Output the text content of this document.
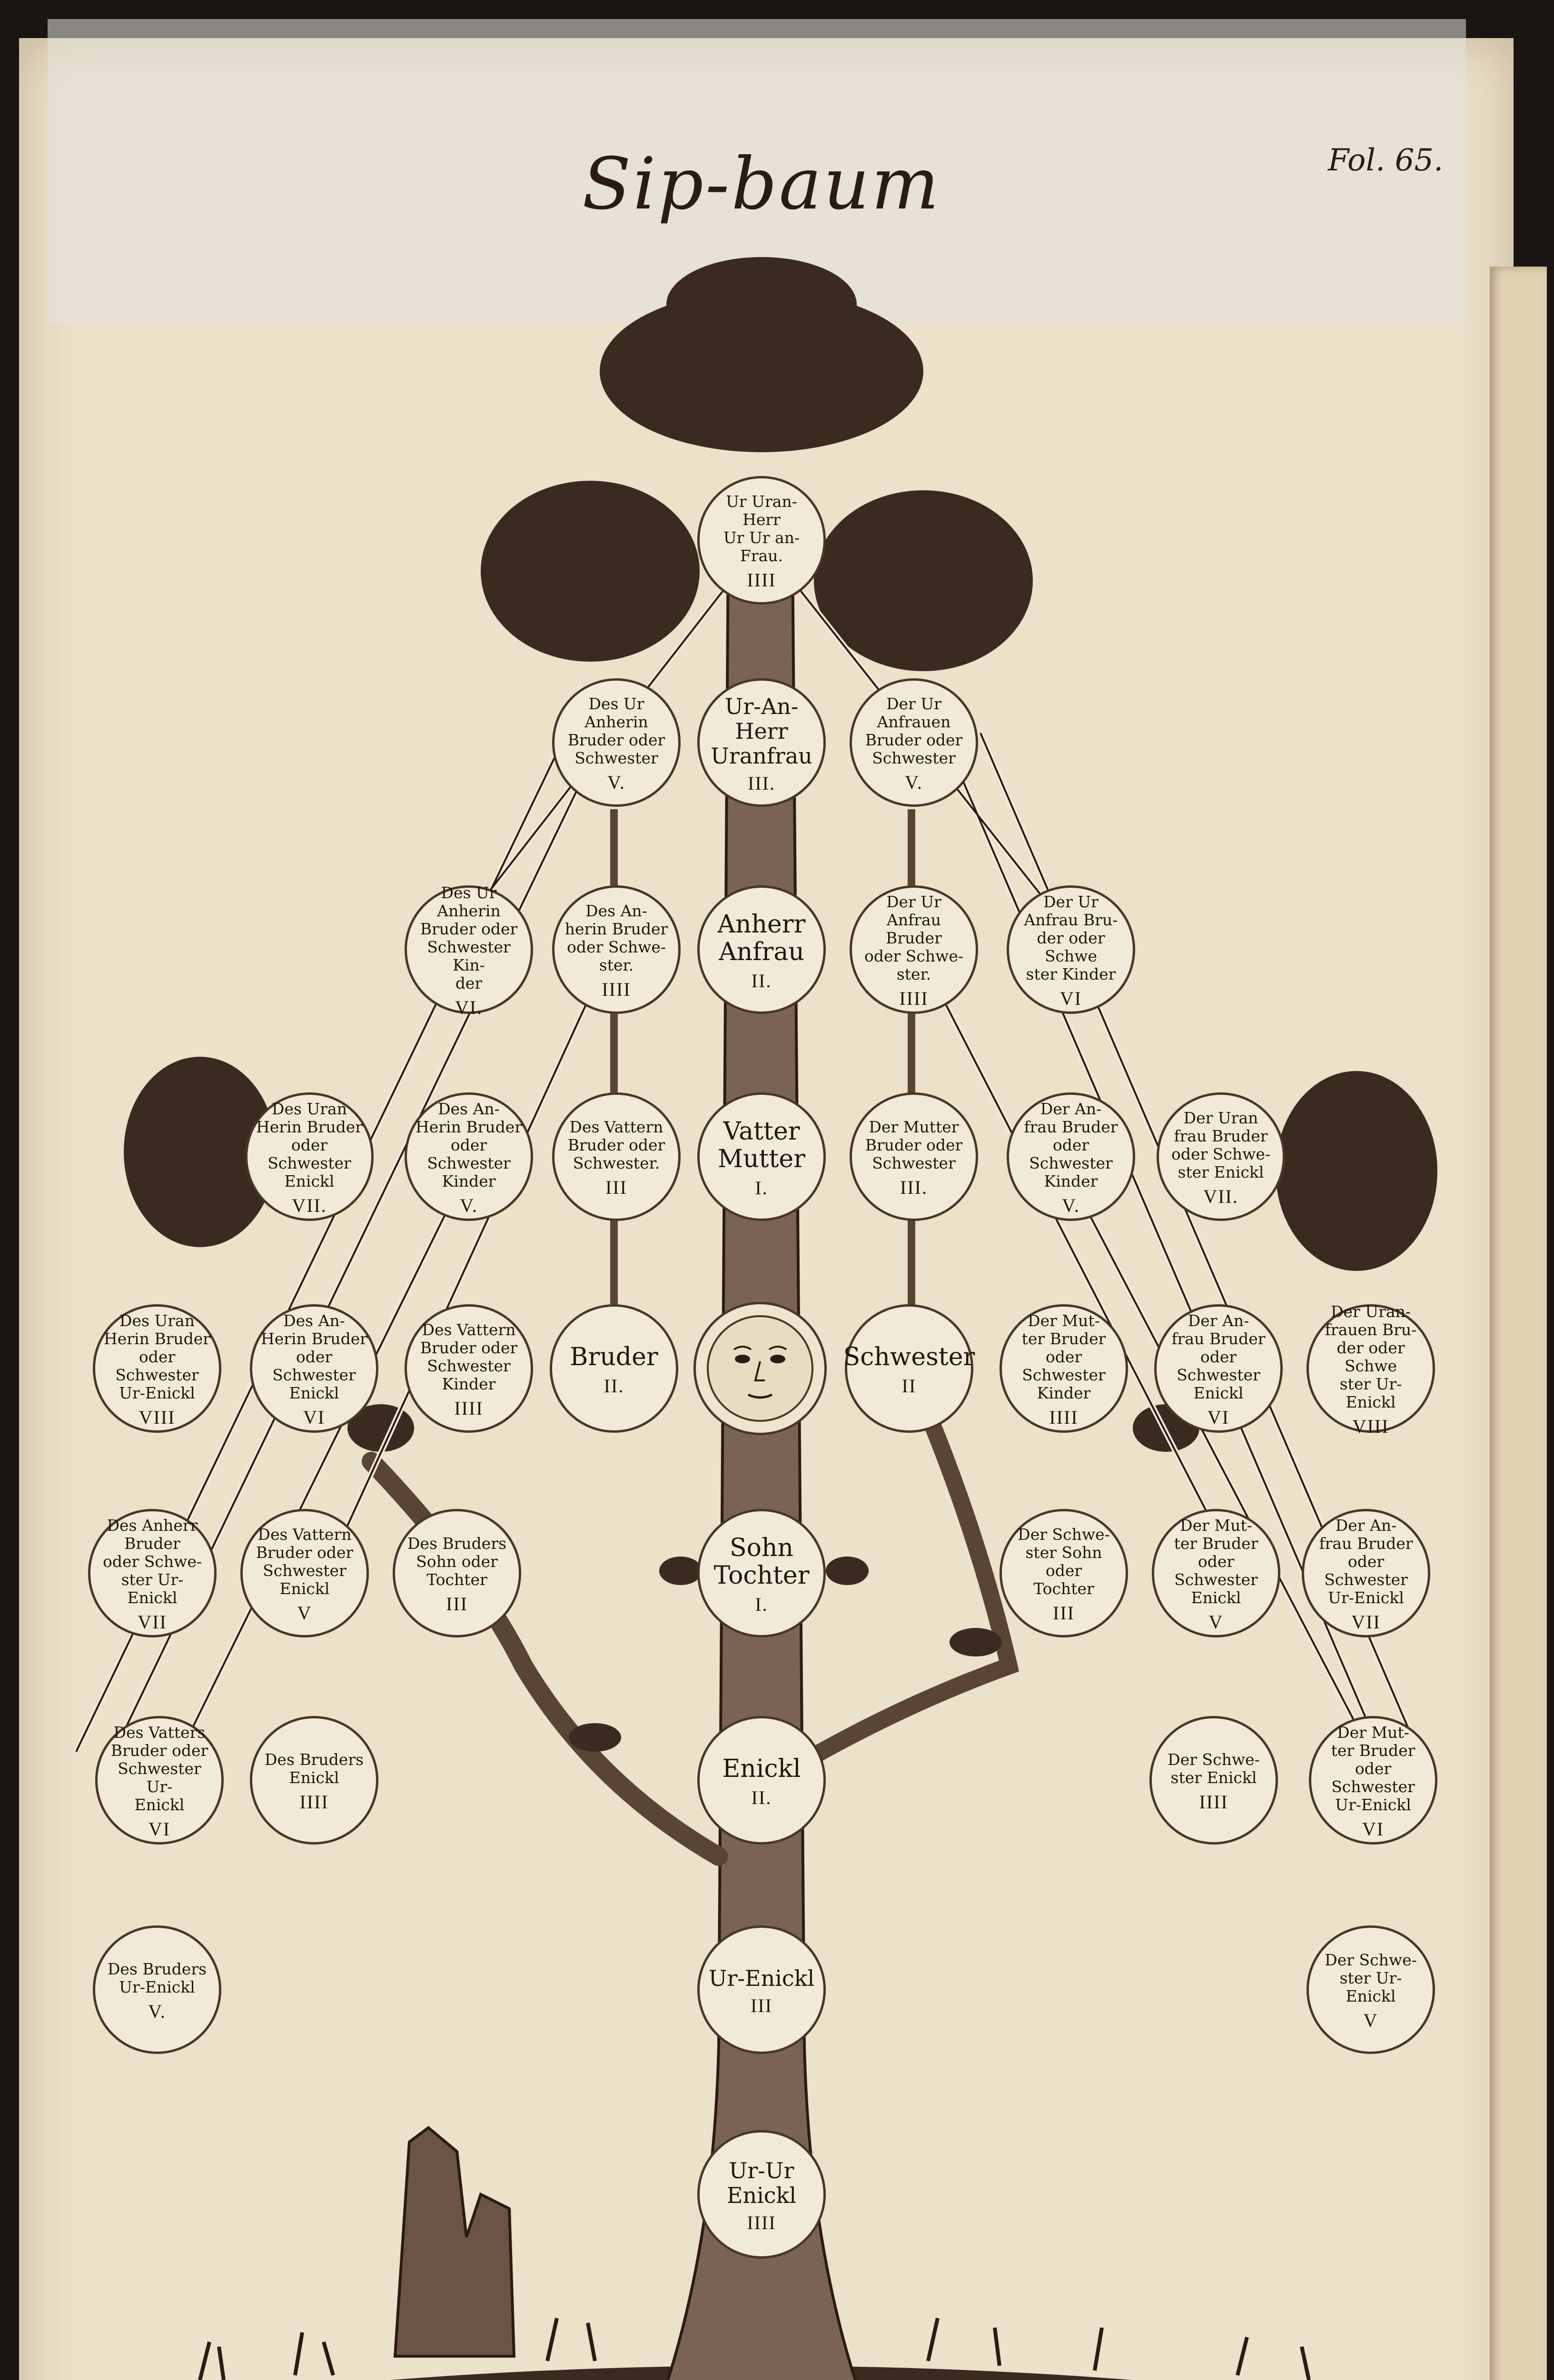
Sip-baum	Fol. 65.
Ur Uran-
Herr
Ur Ur an-
Frau.
IIII
Des Ur
Anherin
Bruder oder
Schwester
V.
Ur-An-
Herr
Uranfrau
III.
Der Ur
Anfrauen
Bruder oder
Schwester
V.
Des Ur
Anherin
Bruder oder
Schwester Kin-
der
VI.
Des An-
herin Bruder
oder Schwe-
ster.
IIII
Anherr
Anfrau
II.
Der Ur
Anfrau Bruder
oder Schwe-
ster.
IIII
Der Ur
Anfrau Bru-
der oder Schwe
ster Kinder
VI
Des Uran
Herin Bruder
oder Schwester
Enickl
VII.
Des An-
Herin Bruder
oder Schwester
Kinder
V.
Des Vattern
Bruder oder
Schwester.
III
Vatter
Mutter
I.
Der Mutter
Bruder oder
Schwester
III.
Der An-
frau Bruder
oder Schwester
Kinder
V.
Der Uran
frau Bruder
oder Schwe-
ster Enickl
VII.
Des Uran
Herin Bruder
oder Schwester
Ur-Enickl
VIII
Des An-
Herin Bruder
oder Schwester
Enickl
VI
Des Vattern
Bruder oder
Schwester
Kinder
IIII
Bruder
II.
Schwester
II
Der Mut-
ter Bruder
oder Schwester
Kinder
IIII
Der An-
frau Bruder
oder Schwester
Enickl
VI
Der Uran-
frauen Bru-
der oder Schwe
ster Ur-Enickl
VIII
Des Anherr
Bruder
oder Schwe-
ster Ur-Enickl
VII
Des Vattern
Bruder oder
Schwester
Enickl
V
Des Bruders
Sohn oder
Tochter
III
Sohn
Tochter
I.
Der Schwe-
ster Sohn oder
Tochter
III
Der Mut-
ter Bruder
oder Schwester
Enickl
V
Der An-
frau Bruder
oder Schwester
Ur-Enickl
VII
Des Vatters
Bruder oder
Schwester Ur-
Enickl
VI
Des Bruders
Enickl
IIII
Enickl
II.
Der Schwe-
ster Enickl
IIII
Der Mut-
ter Bruder
oder Schwester
Ur-Enickl
VI
Des Bruders
Ur-Enickl
V.
Ur-Enickl
III
Der Schwe-
ster Ur-Enickl
V
Ur-Ur
Enickl
IIII
